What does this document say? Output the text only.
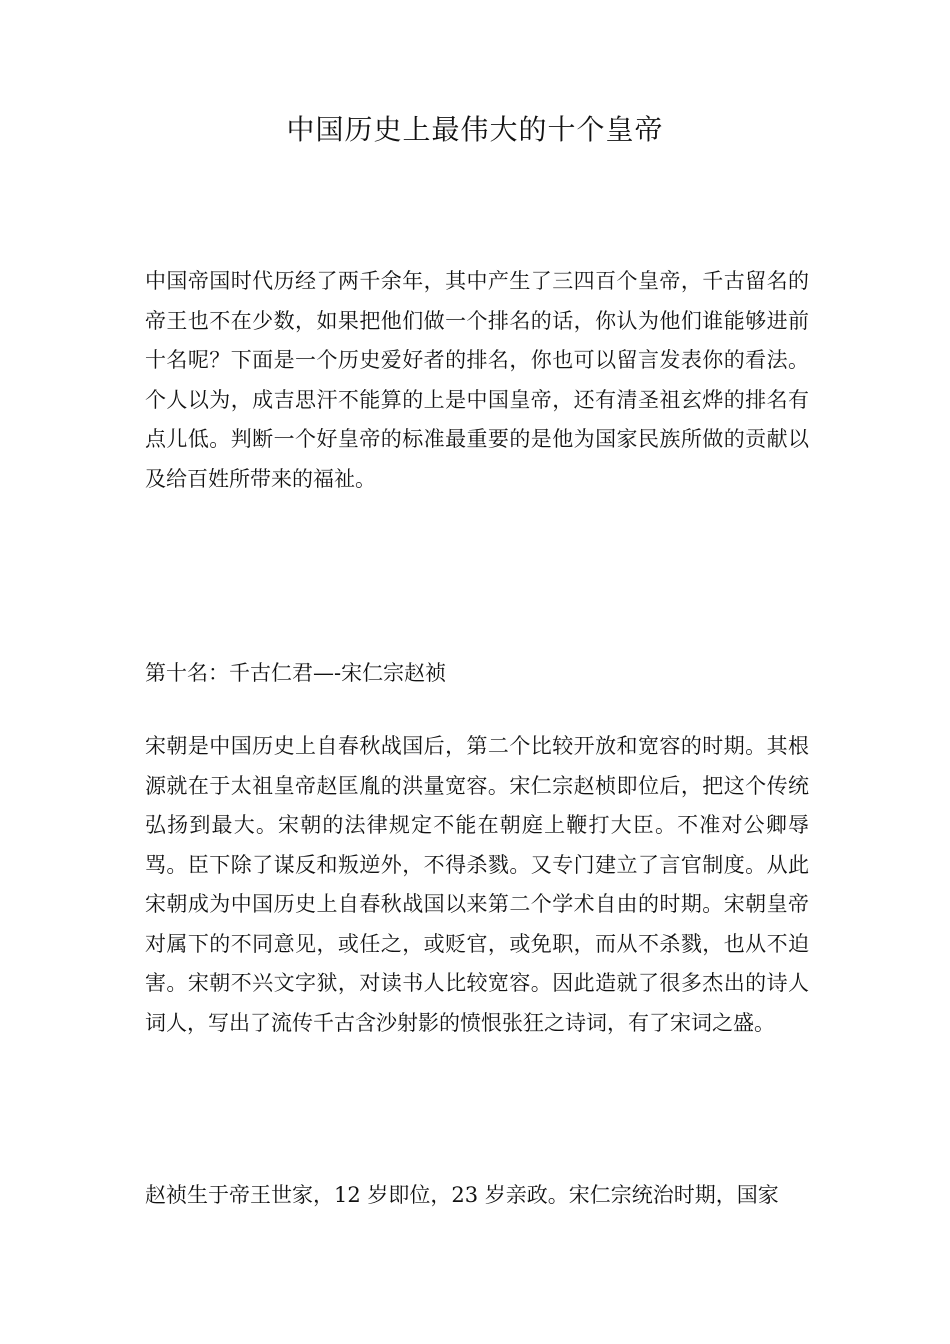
中国历史上最伟大的十个皇帝

中国帝国时代历经了两千余年，其中产生了三四百个皇帝，千古留名的帝王也不在少数，如果把他们做一个排名的话，你认为他们谁能够进前十名呢？下面是一个历史爱好者的排名，你也可以留言发表你的看法。个人以为，成吉思汗不能算的上是中国皇帝，还有清圣祖玄烨的排名有点儿低。判断一个好皇帝的标准最重要的是他为国家民族所做的贡献以及给百姓所带来的福祉。

第十名：千古仁君—-宋仁宗赵祯

宋朝是中国历史上自春秋战国后，第二个比较开放和宽容的时期。其根源就在于太祖皇帝赵匡胤的洪量宽容。宋仁宗赵桢即位后，把这个传统弘扬到最大。宋朝的法律规定不能在朝庭上鞭打大臣。不准对公卿辱骂。臣下除了谋反和叛逆外，不得杀戮。又专门建立了言官制度。从此宋朝成为中国历史上自春秋战国以来第二个学术自由的时期。宋朝皇帝对属下的不同意见，或任之，或贬官，或免职，而从不杀戮，也从不迫害。宋朝不兴文字狱，对读书人比较宽容。因此造就了很多杰出的诗人词人，写出了流传千古含沙射影的愤恨张狂之诗词，有了宋词之盛。

赵祯生于帝王世家，12 岁即位，23 岁亲政。宋仁宗统治时期，国家
